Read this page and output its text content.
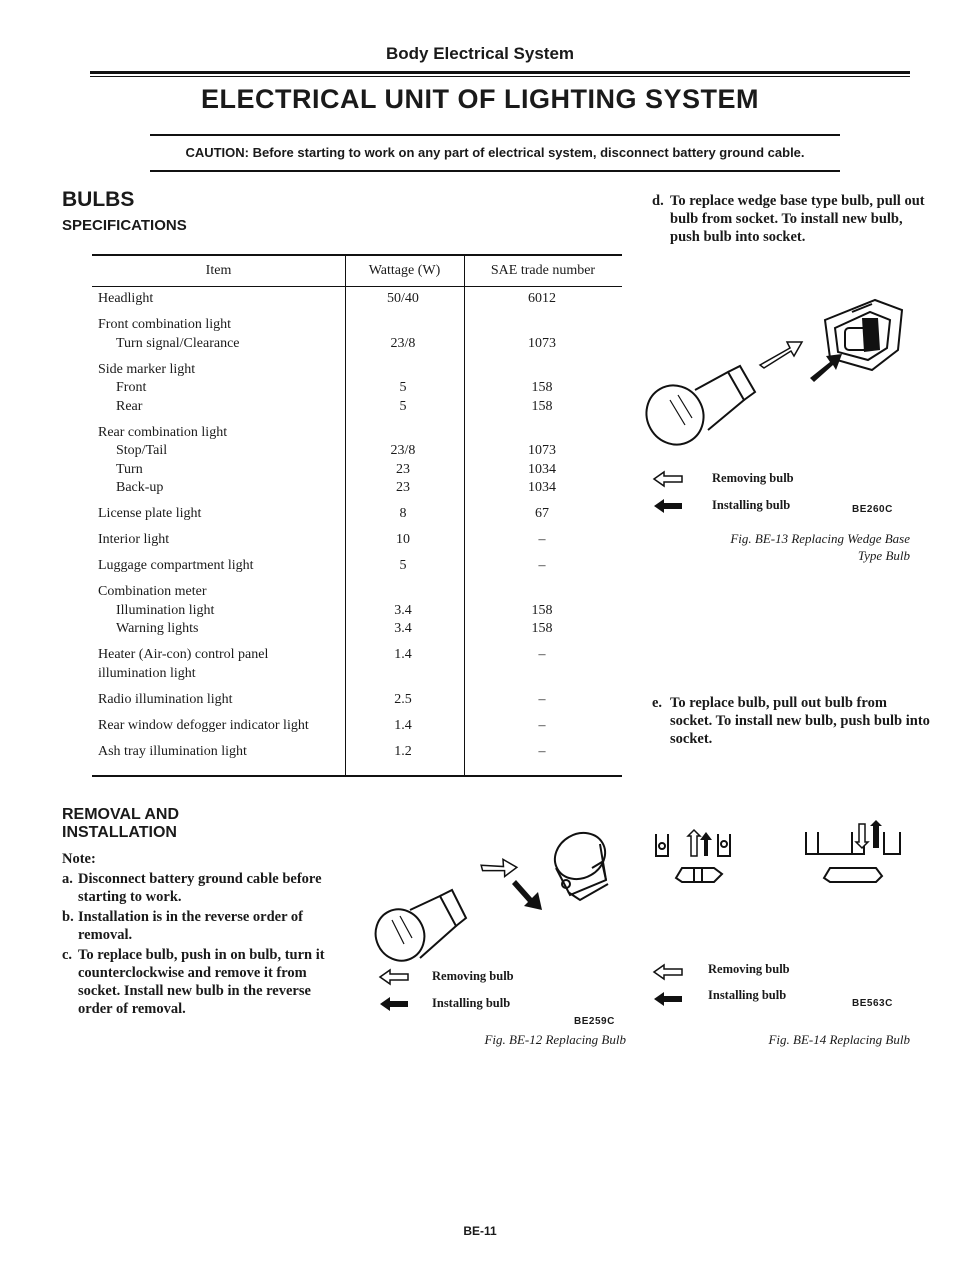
Body Electrical System
ELECTRICAL UNIT OF LIGHTING SYSTEM
CAUTION: Before starting to work on any part of electrical system, disconnect battery ground cable.
BULBS
SPECIFICATIONS
Item	Wattage (W)	SAE trade number
Headlight	50/40	6012
Front combination light
Turn signal/Clearance	23/8	1073
Side marker light
Front	5	158
Rear	5	158
Rear combination light
Stop/Tail	23/8	1073
Turn	23	1034
Back-up	23	1034
License plate light	8	67
Interior light	10	–
Luggage compartment light	5	–
Combination meter
Illumination light	3.4	158
Warning lights	3.4	158
Heater (Air-con) control panel	1.4	–
illumination light
Radio illumination light	2.5	–
Rear window defogger indicator light	1.4	–
Ash tray illumination light	1.2	–
REMOVAL AND
INSTALLATION
Note:
a. Disconnect battery ground cable before starting to work.
b. Installation is in the reverse order of removal.
c. To replace bulb, push in on bulb, turn it counterclockwise and remove it from socket. Install new bulb in the reverse order of removal.
d. To replace wedge base type bulb, pull out bulb from socket. To install new bulb, push bulb into socket.
Removing bulb
Installing bulb	BE260C
Fig. BE-13 Replacing Wedge Base
Type Bulb
e. To replace bulb, pull out bulb from socket. To install new bulb, push bulb into socket.
Removing bulb
Installing bulb
BE259C
Fig. BE-12 Replacing Bulb
Removing bulb
Installing bulb
BE563C
Fig. BE-14 Replacing Bulb
BE-11
